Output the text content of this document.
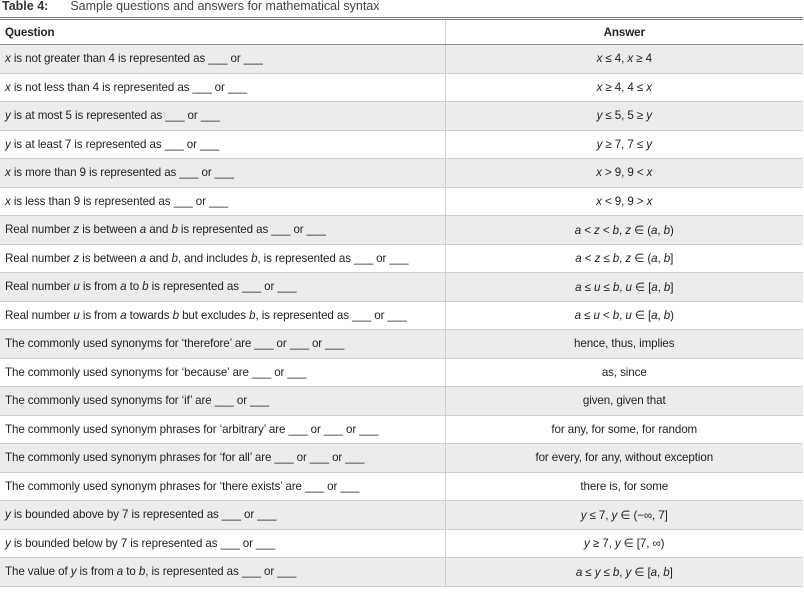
Table 4: Sample questions and answers for mathematical syntax
Question	Answer
x is not greater than 4 is represented as ___ or ___	x ≤ 4, x ≥ 4
x is not less than 4 is represented as ___ or ___	x ≥ 4, 4 ≤ x
y is at most 5 is represented as ___ or ___	y ≤ 5, 5 ≥ y
y is at least 7 is represented as ___ or ___	y ≥ 7, 7 ≤ y
x is more than 9 is represented as ___ or ___	x > 9, 9 < x
x is less than 9 is represented as ___ or ___	x < 9, 9 > x
Real number z is between a and b is represented as ___ or ___	a < z < b, z ∈ (a, b)
Real number z is between a and b, and includes b, is represented as ___ or ___	a < z ≤ b, z ∈ (a, b]
Real number u is from a to b is represented as ___ or ___	a ≤ u ≤ b, u ∈ [a, b]
Real number u is from a towards b but excludes b, is represented as ___ or ___	a ≤ u < b, u ∈ [a, b)
The commonly used synonyms for ‘therefore’ are ___ or ___ or ___	hence, thus, implies
The commonly used synonyms for ‘because’ are ___ or ___	as, since
The commonly used synonyms for ‘if’ are ___ or ___	given, given that
The commonly used synonym phrases for ‘arbitrary’ are ___ or ___ or ___	for any, for some, for random
The commonly used synonym phrases for ‘for all’ are ___ or ___ or ___	for every, for any, without exception
The commonly used synonym phrases for ‘there exists’ are ___ or ___	there is, for some
y is bounded above by 7 is represented as ___ or ___	y ≤ 7, y ∈ (−∞, 7]
y is bounded below by 7 is represented as ___ or ___	y ≥ 7, y ∈ [7, ∞)
The value of y is from a to b, is represented as ___ or ___	a ≤ y ≤ b, y ∈ [a, b]
